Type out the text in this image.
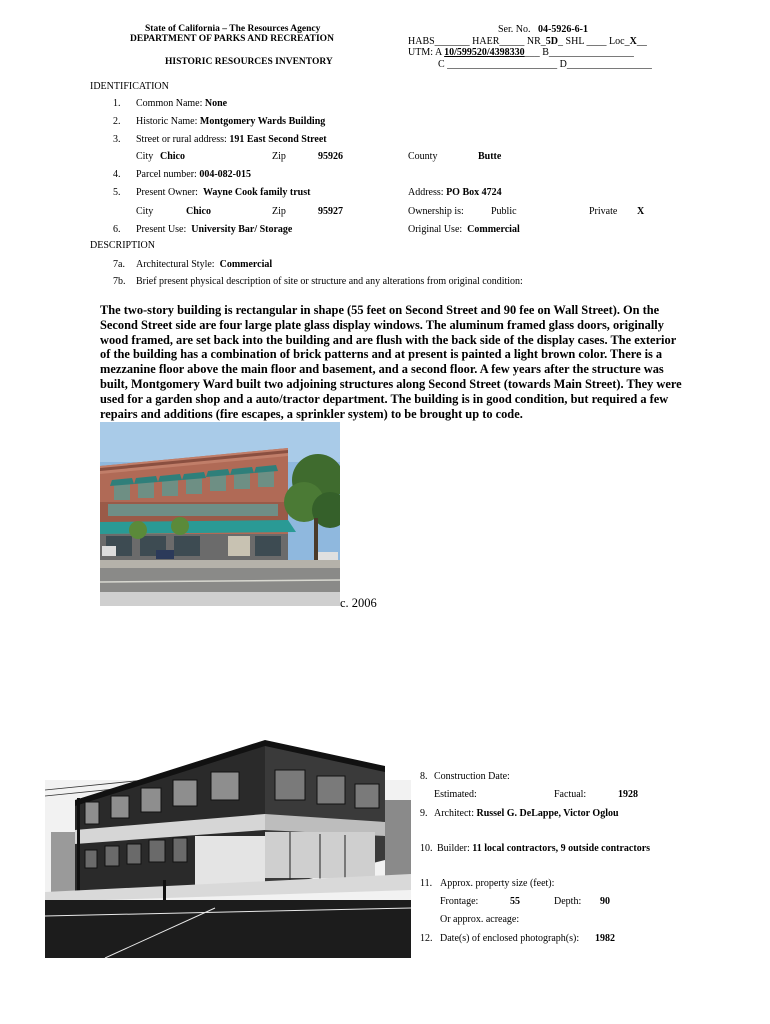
State of California – The Resources Agency
DEPARTMENT OF PARKS AND RECREATION
HISTORIC RESOURCES INVENTORY
Ser. No. 04-5926-6-1
HABS_______ HAER_____ NR_5D_ SHL ____ Loc_X__
UTM: A 10/599520/4398330___ B_________________
C ______________________ D_________________
IDENTIFICATION
1. Common Name: None
2. Historic Name: Montgomery Wards Building
3. Street or rural address: 191 East Second Street
City Chico	Zip	95926	County	Butte
4. Parcel number: 004-082-015
5. Present Owner: Wayne Cook family trust	Address: PO Box 4724
City	Chico	Zip	95927	Ownership is:	Public	Private X
6. Present Use: University Bar/ Storage	Original Use: Commercial
DESCRIPTION
7a. Architectural Style: Commercial
7b. Brief present physical description of site or structure and any alterations from original condition:
The two-story building is rectangular in shape (55 feet on Second Street and 90 fee on Wall Street). On the Second Street side are four large plate glass display windows. The aluminum framed glass doors, originally wood framed, are set back into the building and are flush with the back side of the display cases. The exterior of the building has a combination of brick patterns and at present is painted a light brown color. There is a mezzanine floor above the main floor and basement, and a second floor. A few years after the structure was built, Montgomery Ward built two adjoining structures along Second Street (towards Main Street). They were used for a garden shop and a auto/tractor department. The building is in good condition, but required a few repairs and additions (fire escapes, a sprinkler system) to be brought up to code.
c. 2006
8. Construction Date:
Estimated:	Factual:	1928
9. Architect: Russel G. DeLappe, Victor Oglou
10. Builder: 11 local contractors, 9 outside contractors
11. Approx. property size (feet):
Frontage:	55	Depth: 90
Or approx. acreage:
12. Date(s) of enclosed photograph(s): 1982
